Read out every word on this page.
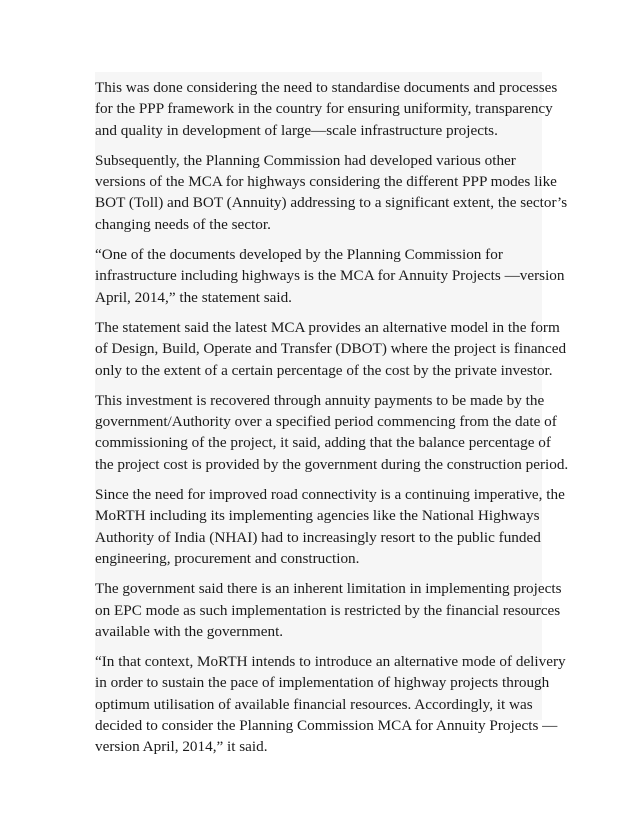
This was done considering the need to standardise documents and processes
for the PPP framework in the country for ensuring uniformity, transparency
and quality in development of large—scale infrastructure projects.

Subsequently, the Planning Commission had developed various other
versions of the MCA for highways considering the different PPP modes like
BOT (Toll) and BOT (Annuity) addressing to a significant extent, the sector’s
changing needs of the sector.

“One of the documents developed by the Planning Commission for
infrastructure including highways is the MCA for Annuity Projects —version
April, 2014,” the statement said.

The statement said the latest MCA provides an alternative model in the form
of Design, Build, Operate and Transfer (DBOT) where the project is financed
only to the extent of a certain percentage of the cost by the private investor.

This investment is recovered through annuity payments to be made by the
government/Authority over a specified period commencing from the date of
commissioning of the project, it said, adding that the balance percentage of
the project cost is provided by the government during the construction period.

Since the need for improved road connectivity is a continuing imperative, the
MoRTH including its implementing agencies like the National Highways
Authority of India (NHAI) had to increasingly resort to the public funded
engineering, procurement and construction.

The government said there is an inherent limitation in implementing projects
on EPC mode as such implementation is restricted by the financial resources
available with the government.

“In that context, MoRTH intends to introduce an alternative mode of delivery
in order to sustain the pace of implementation of highway projects through
optimum utilisation of available financial resources. Accordingly, it was
decided to consider the Planning Commission MCA for Annuity Projects —
version April, 2014,” it said.
